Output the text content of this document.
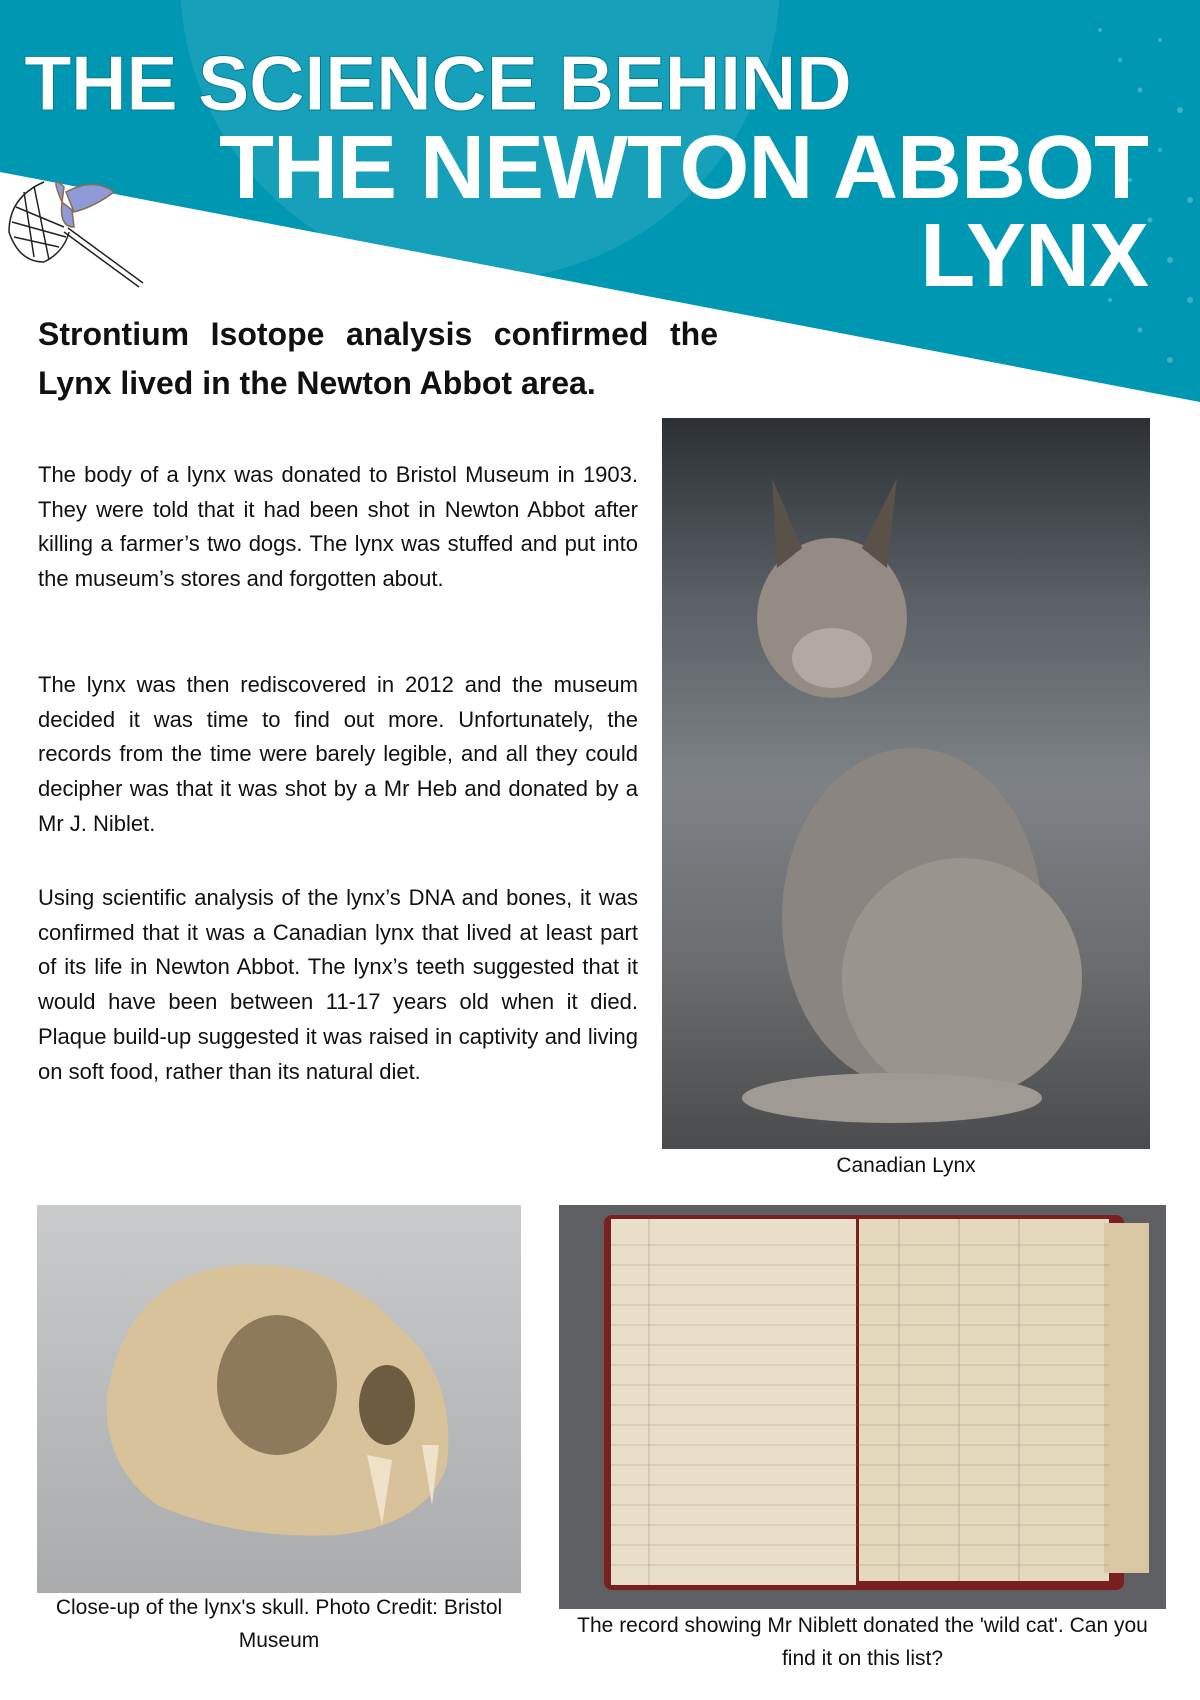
THE SCIENCE BEHIND
THE NEWTON ABBOT
LYNX
Strontium Isotope analysis confirmed the Lynx lived in the Newton Abbot area.

The body of a lynx was donated to Bristol Museum in 1903. They were told that it had been shot in Newton Abbot after killing a farmer’s two dogs. The lynx was stuffed and put into the museum’s stores and forgotten about.

The lynx was then rediscovered in 2012 and the museum decided it was time to find out more. Unfortunately, the records from the time were barely legible, and all they could decipher was that it was shot by a Mr Heb and donated by a Mr J. Niblet.

Using scientific analysis of the lynx’s DNA and bones, it was confirmed that it was a Canadian lynx that lived at least part of its life in Newton Abbot. The lynx’s teeth suggested that it would have been between 11-17 years old when it died. Plaque build-up suggested it was raised in captivity and living on soft food, rather than its natural diet.

Canadian Lynx
Close-up of the lynx's skull. Photo Credit: Bristol Museum
The record showing Mr Niblett donated the 'wild cat'. Can you find it on this list?
